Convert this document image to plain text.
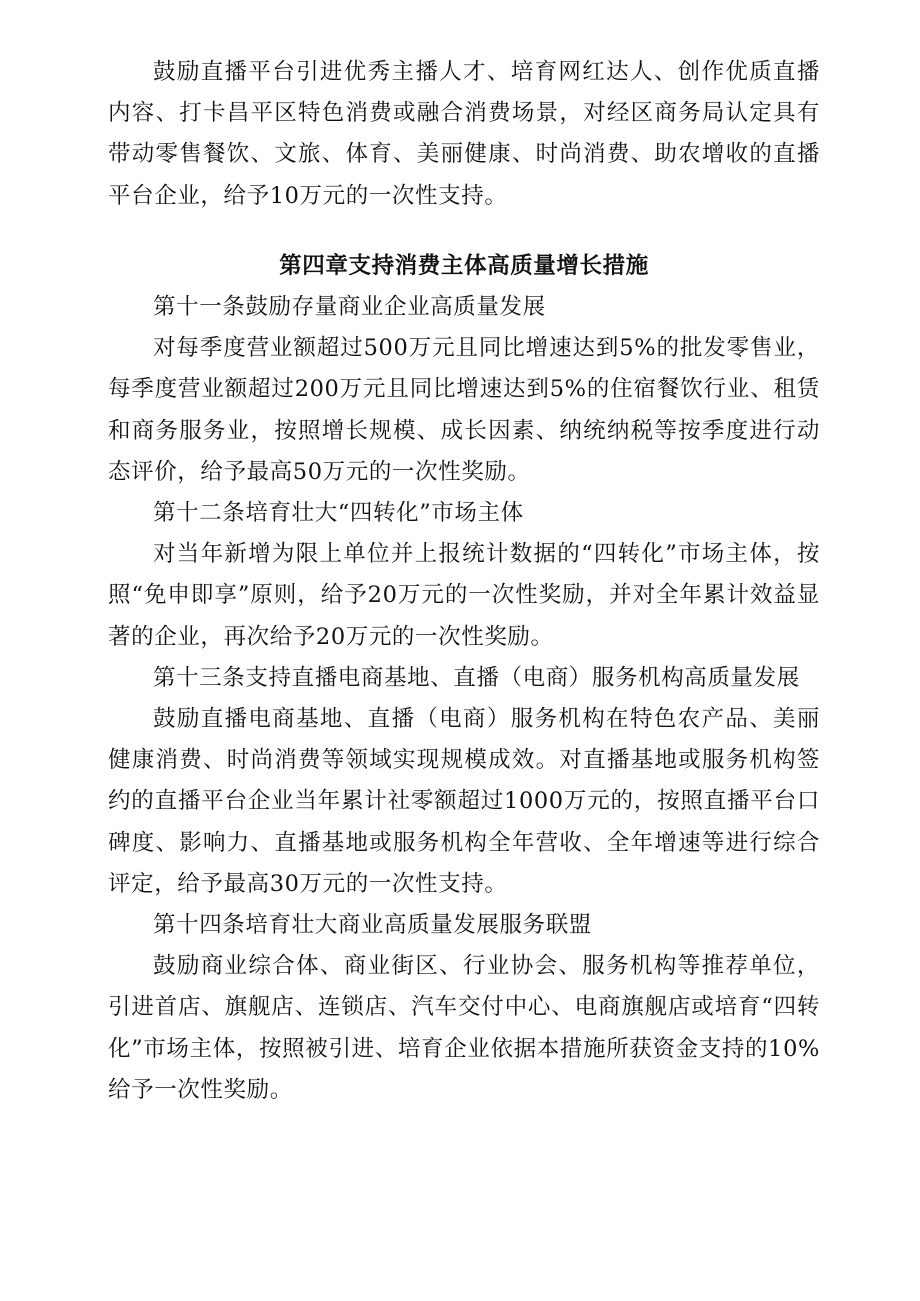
鼓励直播平台引进优秀主播人才、培育网红达人、创作优质直播内容、打卡昌平区特色消费或融合消费场景，对经区商务局认定具有带动零售餐饮、文旅、体育、美丽健康、时尚消费、助农增收的直播平台企业，给予10万元的一次性支持。

第四章支持消费主体高质量增长措施

第十一条鼓励存量商业企业高质量发展

对每季度营业额超过500万元且同比增速达到5%的批发零售业，每季度营业额超过200万元且同比增速达到5%的住宿餐饮行业、租赁和商务服务业，按照增长规模、成长因素、纳统纳税等按季度进行动态评价，给予最高50万元的一次性奖励。

第十二条培育壮大“四转化”市场主体

对当年新增为限上单位并上报统计数据的“四转化”市场主体，按照“免申即享”原则，给予20万元的一次性奖励，并对全年累计效益显著的企业，再次给予20万元的一次性奖励。

第十三条支持直播电商基地、直播（电商）服务机构高质量发展

鼓励直播电商基地、直播（电商）服务机构在特色农产品、美丽健康消费、时尚消费等领域实现规模成效。对直播基地或服务机构签约的直播平台企业当年累计社零额超过1000万元的，按照直播平台口碑度、影响力、直播基地或服务机构全年营收、全年增速等进行综合评定，给予最高30万元的一次性支持。

第十四条培育壮大商业高质量发展服务联盟

鼓励商业综合体、商业街区、行业协会、服务机构等推荐单位，引进首店、旗舰店、连锁店、汽车交付中心、电商旗舰店或培育“四转化”市场主体，按照被引进、培育企业依据本措施所获资金支持的10%给予一次性奖励。
